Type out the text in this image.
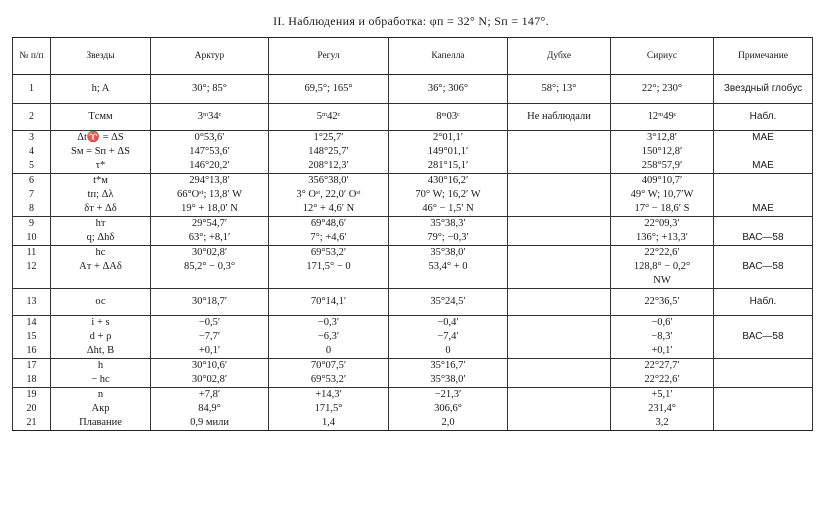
II. Наблюдения и обработка: φп = 32° N; Sп = 147°.
№ п/п	Звезды	Арктур	Регул	Капелла	Дубхе	Сириус	Примечание
1	h; A	30°; 85°	69,5°; 165°	36°; 306°	58°; 13°	22°; 230°	Звездный глобус
2	Tсмм	3ᵐ34ᶜ	5ᵐ42ᶜ	8ᵐ03ᶜ	Не наблюдали	12ᵐ49ᶜ	Набл.
3	Δt♈ = ΔS	0°53,6′	1°25,7′	2°01,1′		3°12,8′	MAE
4	Sм = Sп + ΔS	147°53,6′	148°25,7′	149°01,1′		150°12,8′	
5	τ*	146°20,2′	208°12,3′	281°15,1′		258°57,9′	MAE
6	t*м	294°13,8′	356°38,0′	430°16,2′		409°10,7′	
7	tп; Δλ	66°Oˢᵗ; 13,8′ W	3° Oˢᵗ, 22,0′ Oˢᵗ	70° W; 16,2′ W		49° W; 10,7′W	
8	δт + Δδ	19° + 18,0′ N	12° + 4,6′ N	46° − 1,5′ N		17° − 18,6′ S	MAE
9	hт	29°54,7′	69°48,6′	35°38,3′		22°09,3′	
10	q; Δhδ	63°; +8,1′	7°; +4,6′	79°; −0,3′		136°; +13,3′	ВАС—58
11	hс	30°02,8′	69°53,2′	35°38,0′		22°22,6′	
12	Aт + ΔAδ	85,2° − 0,3°	171,5° − 0	53,4° + 0		128,8° − 0,2°	ВАС—58
						NW	
13	ос	30°18,7′	70°14,1′	35°24,5′		22°36,5′	Набл.
14	i + s	−0,5′	−0,3′	−0,4′		−0,6′	
15	d + ρ	−7,7′	−6,3′	−7,4′		−8,3′	ВАС—58
16	Δht, B	+0,1′	0	0		+0,1′	
17	h	30°10,6′	70°07,5′	35°16,7′		22°27,7′	
18	− hс	30°02,8′	69°53,2′	35°38,0′		22°22,6′	
19	n	+7,8′	+14,3′	−21,3′		+5,1′	
20	Aкр	84,9°	171,5°	306,6°		231,4°	
21	Плавание	0,9 мили	1,4	2,0		3,2	
